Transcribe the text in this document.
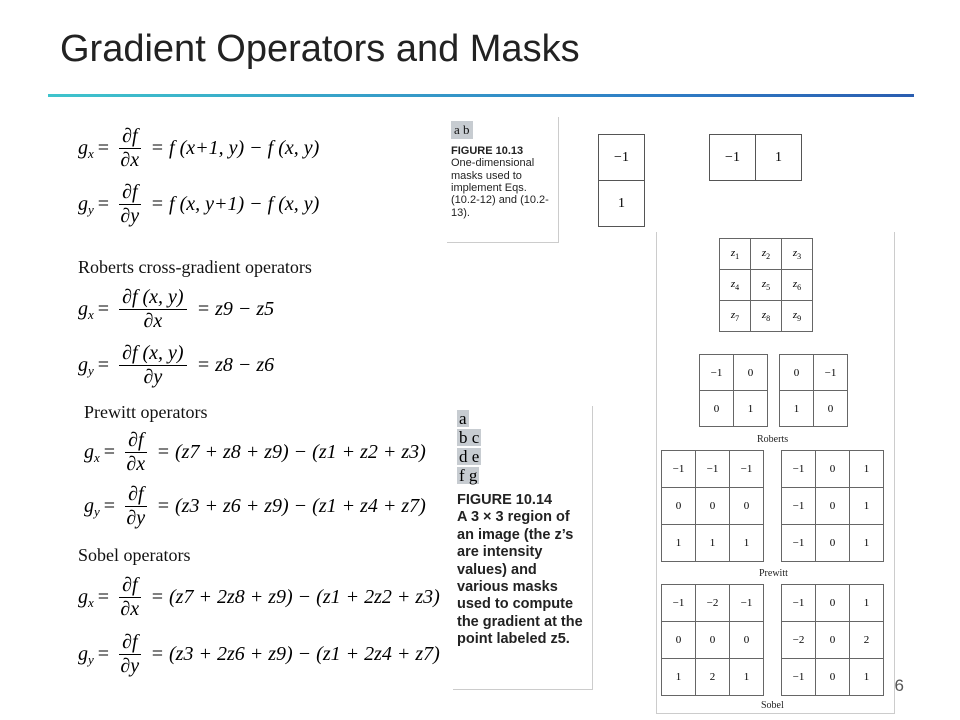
Gradient Operators and Masks
$g_x = \frac{\partial f}{\partial x} = f$ (x+1, y) − f (x, y)
$g_y = \frac{\partial f}{\partial y} = f$ (x, y+1) − f (x, y)
Roberts cross-gradient operators
$g_x = \frac{\partial f (x, y)}{\partial x} = z9 - z5$
$g_y = \frac{\partial f (x, y)}{\partial y} = z8 - z6$
Prewitt operators
$g_x = \frac{\partial f}{\partial x} = (z7 + z8 + z9) - (z1 + z2 + z3)$
$g_y = \frac{\partial f}{\partial y} = (z3 + z6 + z9) - (z1 + z4 + z7)$
Sobel operators
$g_x = \frac{\partial f}{\partial x} = (z7 + 2z8 + z9) - (z1 + 2z2 + z3)$
$g_y = \frac{\partial f}{\partial y} = (z3 + 2z6 + z9) - (z1 + 2z4 + z7)$
a b
FIGURE 10.13
One-dimensional masks used to implement Eqs. (10.2-12) and (10.2-13).
−1
1
−1	1
a
b c
d e
f g
FIGURE 10.14
A 3 × 3 region of an image (the z’s are intensity values) and various masks used to compute the gradient at the point labeled z5.
$z_1$	$z_2$	$z_3$
$z_4$	$z_5$	$z_6$
$z_7$	$z_8$	$z_9$
−1	0
0	1
0	−1
1	0
Roberts
−1	−1	−1
0	0	0
1	1	1
−1	0	1
−1	0	1
−1	0	1
Prewitt
−1	−2	−1
0	0	0
1	2	1
−1	0	1
−2	0	2
−1	0	1
Sobel
6
